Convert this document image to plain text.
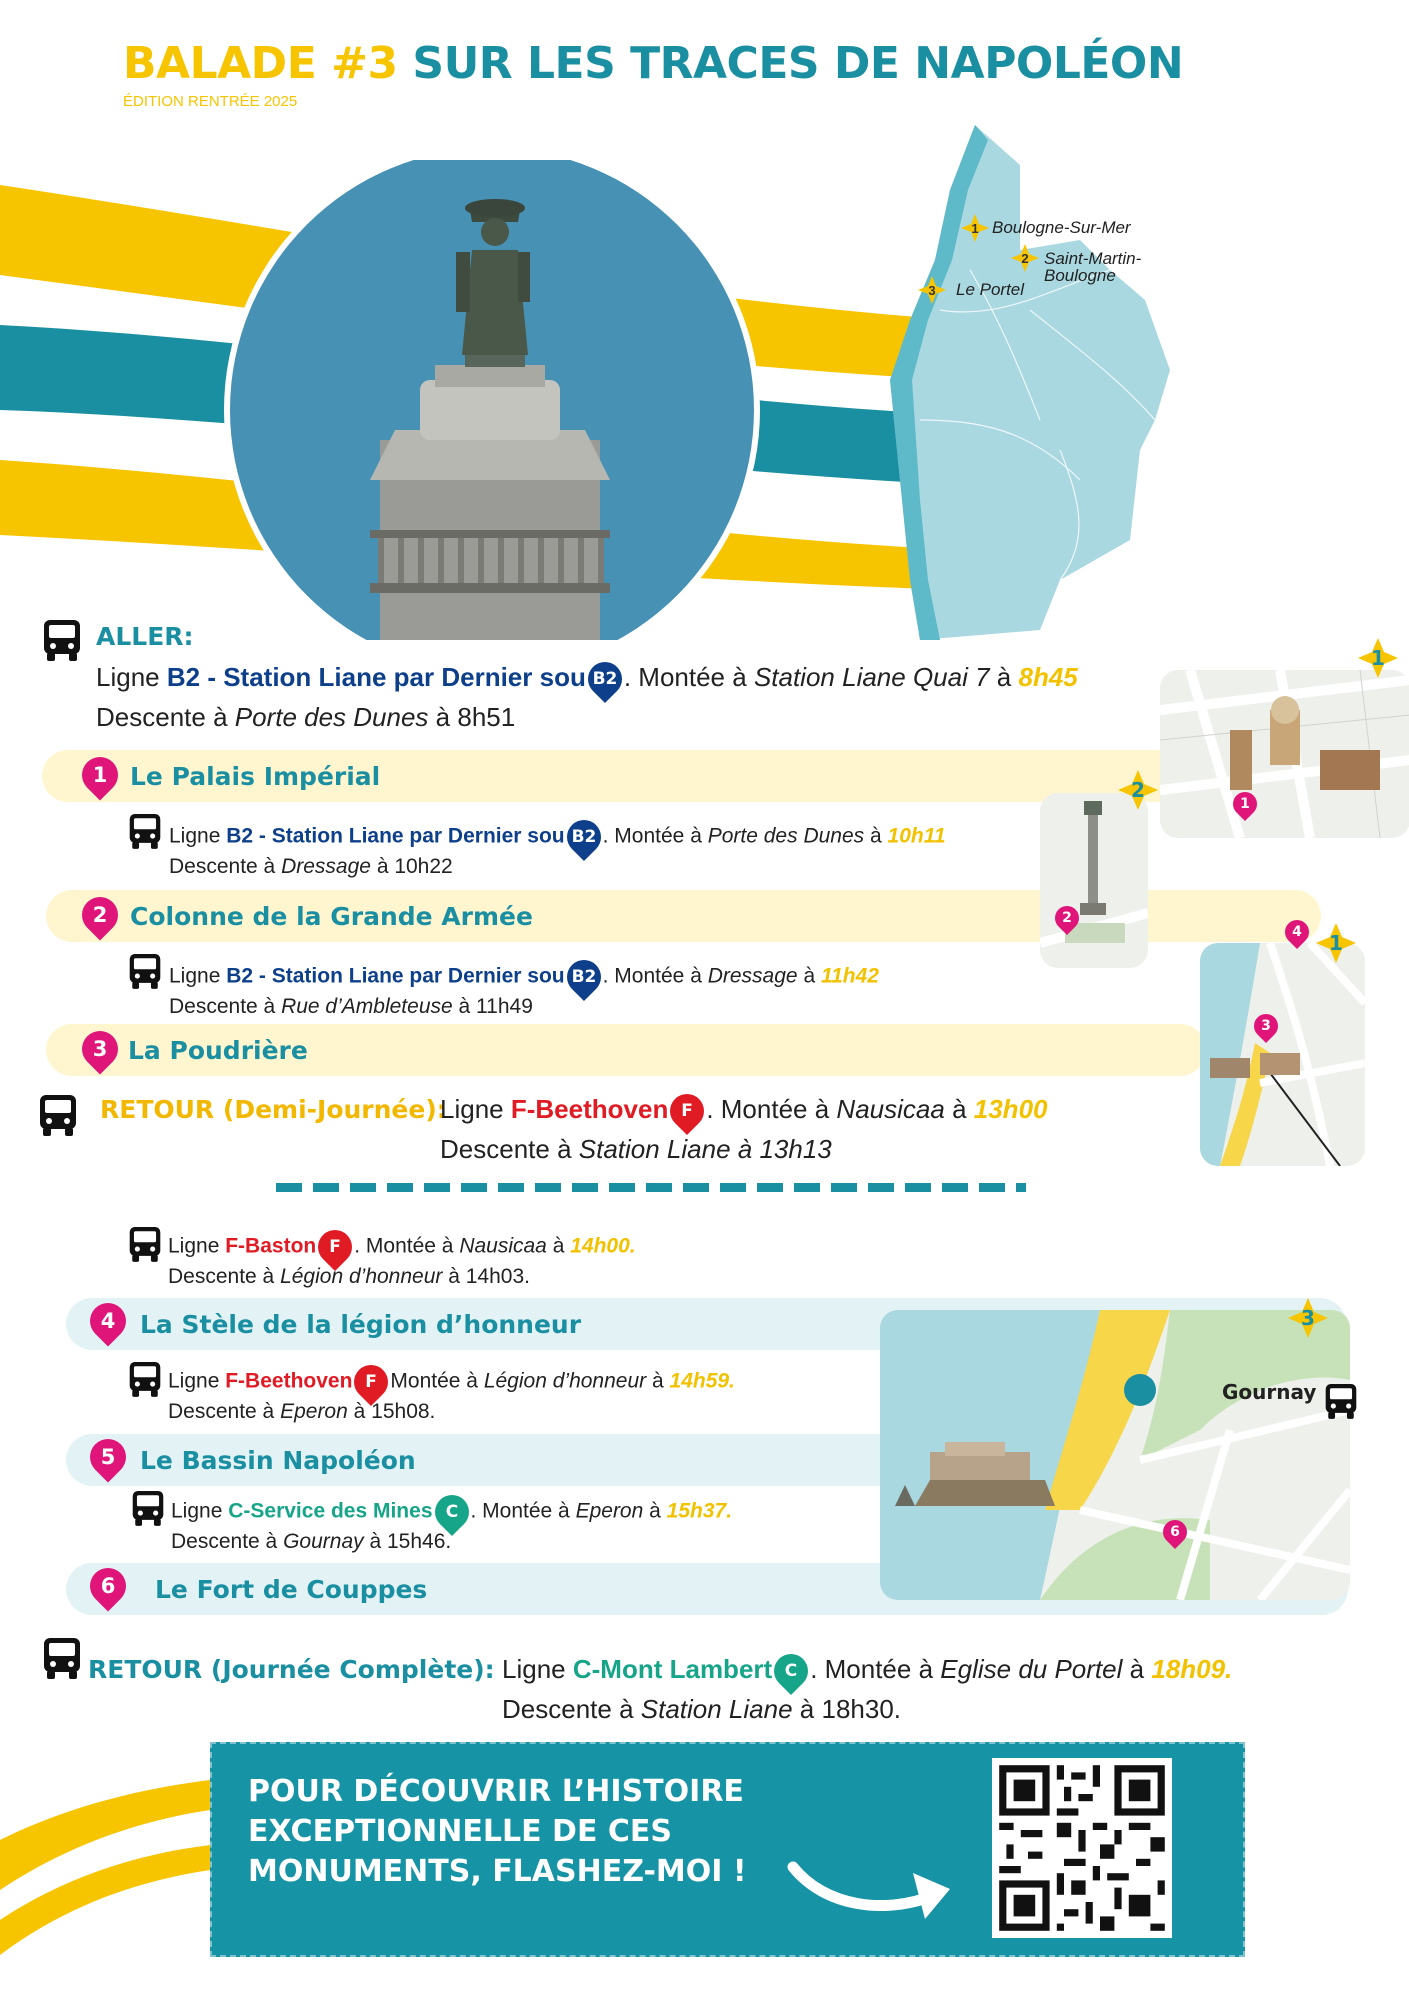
BALADE #3 SUR LES TRACES DE NAPOLÉON
ÉDITION RENTRÉE 2025
1
2
3
Boulogne-Sur-Mer
Saint-Martin-
Boulogne
Le Portel
ALLER:
Ligne B2 - Station Liane par Dernier sou B2 . Montée à Station Liane Quai 7 à 8h45
Descente à Porte des Dunes à 8h51
1 Le Palais Impérial
Ligne B2 - Station Liane par Dernier sou B2 . Montée à Porte des Dunes à 10h11
Descente à Dressage à 10h22
2 Colonne de la Grande Armée
Ligne B2 - Station Liane par Dernier sou B2 . Montée à Dressage à 11h42
Descente à Rue d’Ambleteuse à 11h49
3 La Poudrière
RETOUR (Demi-Journée):
Ligne F-Beethoven F . Montée à Nausicaa à 13h00
Descente à Station Liane à 13h13
Ligne F-Baston F . Montée à Nausicaa à 14h00.
Descente à Légion d’honneur à 14h03.
4 La Stèle de la légion d’honneur
Ligne F-Beethoven F Montée à Légion d’honneur à 14h59.
Descente à Eperon à 15h08.
5 Le Bassin Napoléon
Ligne C-Service des Mines C . Montée à Eperon à 15h37.
Descente à Gournay à 15h46.
6	Le Fort de Couppes
RETOUR (Journée Complète): Ligne C-Mont Lambert C . Montée à Eglise du Portel à 18h09.
Descente à Station Liane à 18h30.
1
1
2
2
3
4	1
6
Gournay
3
POUR DÉCOUVRIR L’HISTOIRE
EXCEPTIONNELLE DE CES
MONUMENTS, FLASHEZ-MOI !
